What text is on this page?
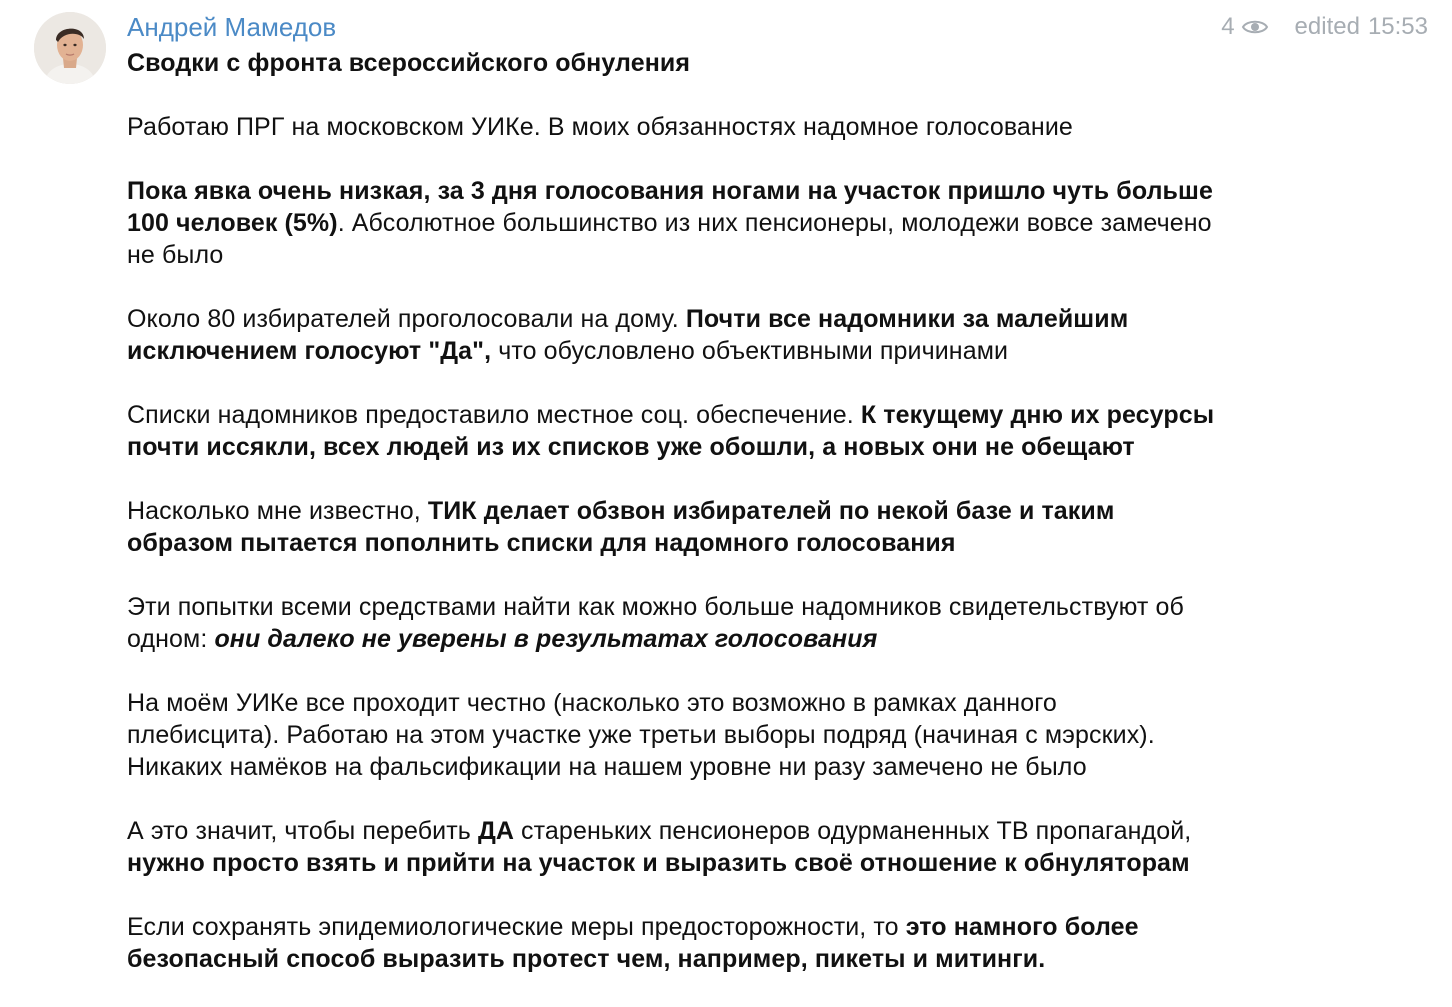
Андрей Мамедов	4	edited 15:53

Сводки с фронта всероссийского обнуления

Работаю ПРГ на московском УИКе. В моих обязанностях надомное голосование

Пока явка очень низкая, за 3 дня голосования ногами на участок пришло чуть больше
100 человек (5%). Абсолютное большинство из них пенсионеры, молодежи вовсе замечено
не было

Около 80 избирателей проголосовали на дому. Почти все надомники за малейшим
исключением голосуют "Да", что обусловлено объективными причинами

Списки надомников предоставило местное соц. обеспечение. К текущему дню их ресурсы
почти иссякли, всех людей из их списков уже обошли, а новых они не обещают

Насколько мне известно, ТИК делает обзвон избирателей по некой базе и таким
образом пытается пополнить списки для надомного голосования

Эти попытки всеми средствами найти как можно больше надомников свидетельствуют об
одном: они далеко не уверены в результатах голосования

На моём УИКе все проходит честно (насколько это возможно в рамках данного
плебисцита). Работаю на этом участке уже третьи выборы подряд (начиная с мэрских).
Никаких намёков на фальсификации на нашем уровне ни разу замечено не было

А это значит, чтобы перебить ДА стареньких пенсионеров одурманенных ТВ пропагандой,
нужно просто взять и прийти на участок и выразить своё отношение к обнуляторам

Если сохранять эпидемиологические меры предосторожности, то это намного более
безопасный способ выразить протест чем, например, пикеты и митинги.
